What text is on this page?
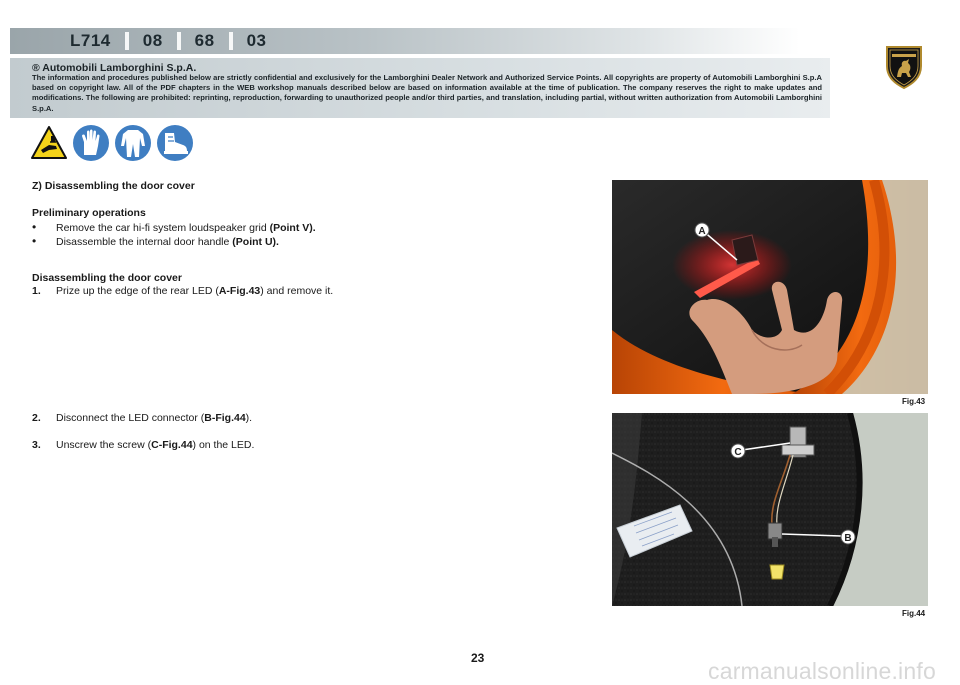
L714 08 68 03
® Automobili Lamborghini S.p.A.
The information and procedures published below are strictly confidential and exclusively for the Lamborghini Dealer Network and Authorized Service Points. All copyrights are property of Automobili Lamborghini S.p.A based on copyright law. All of the PDF chapters in the WEB workshop manuals described below are based on information available at the time of publication. The company reserves the right to make updates and modifications. The following are prohibited: reprinting, reproduction, forwarding to unauthorized people and/or third parties, and translation, including partial, without written authorization from Automobili Lamborghini S.p.A.
Z) Disassembling the door cover
Preliminary operations
•	Remove the car hi-fi system loudspeaker grid (Point V).
•	Disassemble the internal door handle (Point U).
Disassembling the door cover
1.	Prize up the edge of the rear LED (A-Fig.43) and remove it.
2.	Disconnect the LED connector (B-Fig.44).
3.	Unscrew the screw (C-Fig.44) on the LED.
A
Fig.43
C
B
Fig.44
23	carmanualsonline.info
